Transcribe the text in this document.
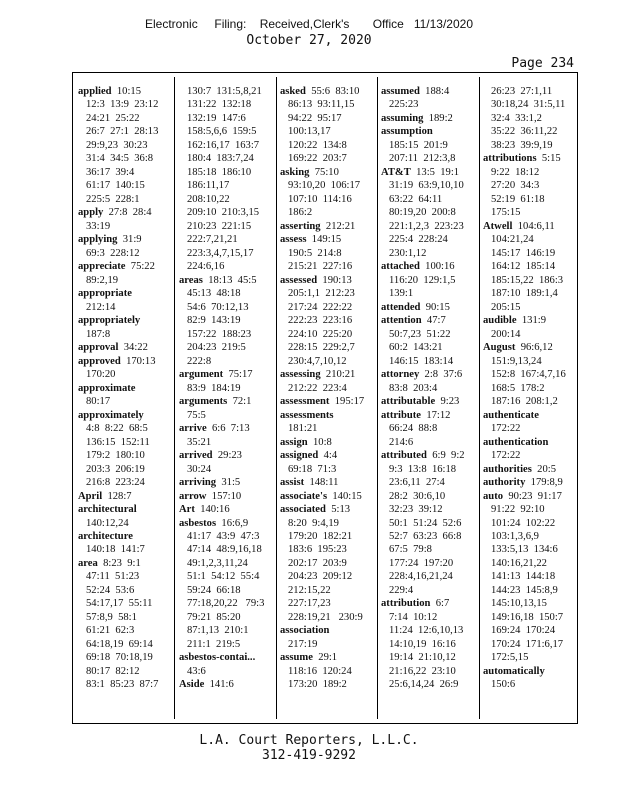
Electronic     Filing:    Received,Clerk's       Office   11/13/2020
October 27, 2020
Page 234
applied 10:15
12:3  13:9  23:12
24:21  25:22
26:7  27:1  28:13
29:9,23  30:23
31:4  34:5  36:8
36:17  39:4
61:17  140:15
225:5  228:1
apply 27:8  28:4
33:19
applying 31:9
69:3  228:12
appreciate 75:22
89:2,19
appropriate
212:14
appropriately
187:8
approval 34:22
approved 170:13
170:20
approximate
80:17
approximately
4:8  8:22  68:5
136:15  152:11
179:2  180:10
203:3  206:19
216:8  223:24
April 128:7
architectural
140:12,24
architecture
140:18  141:7
area 8:23  9:1
47:11  51:23
52:24  53:6
54:17,17  55:11
57:8,9  58:1
61:21  62:3
64:18,19  69:14
69:18  70:18,19
80:17  82:12
83:1  85:23  87:7
130:7  131:5,8,21
131:22  132:18
132:19  147:6
158:5,6,6  159:5
162:16,17  163:7
180:4  183:7,24
185:18  186:10
186:11,17
208:10,22
209:10  210:3,15
210:23  221:15
222:7,21,21
223:3,4,7,15,17
224:6,16
areas 18:13  45:5
45:13  48:18
54:6  70:12,13
82:9  143:19
157:22  188:23
204:23  219:5
222:8
argument 75:17
83:9  184:19
arguments 72:1
75:5
arrive 6:6  7:13
35:21
arrived 29:23
30:24
arriving 31:5
arrow 157:10
Art 140:16
asbestos 16:6,9
41:17  43:9  47:3
47:14  48:9,16,18
49:1,2,3,11,24
51:1  54:12  55:4
59:24  66:18
77:18,20,22   79:3
79:21  85:20
87:1,13  210:1
211:1  219:5
asbestos-contai...
43:6
Aside 141:6
asked 55:6  83:10
86:13  93:11,15
94:22  95:17
100:13,17
120:22  134:8
169:22  203:7
asking 75:10
93:10,20  106:17
107:10  114:16
186:2
asserting 212:21
assess 149:15
190:5  214:8
215:21  227:16
assessed 190:13
205:1,1  212:23
217:24  222:22
222:23  223:16
224:10  225:20
228:15  229:2,7
230:4,7,10,12
assessing 210:21
212:22  223:4
assessment 195:17
assessments
181:21
assign 10:8
assigned 4:4
69:18  71:3
assist 148:11
associate's 140:15
associated 5:13
8:20  9:4,19
179:20  182:21
183:6  195:23
202:17  203:9
204:23  209:12
212:15,22
227:17,23
228:19,21   230:9
association
217:19
assume 29:1
118:16  120:24
173:20  189:2
assumed 188:4
225:23
assuming 189:2
assumption
185:15  201:9
207:11  212:3,8
AT&T 13:5  19:1
31:19  63:9,10,10
63:22  64:11
80:19,20  200:8
221:1,2,3  223:23
225:4  228:24
230:1,12
attached 100:16
116:20  129:1,5
139:1
attended 90:15
attention 47:7
50:7,23  51:22
60:2  143:21
146:15  183:14
attorney 2:8  37:6
83:8  203:4
attributable 9:23
attribute 17:12
66:24  88:8
214:6
attributed 6:9  9:2
9:3  13:8  16:18
23:6,11  27:4
28:2  30:6,10
32:23  39:12
50:1  51:24  52:6
52:7  63:23  66:8
67:5  79:8
177:24  197:20
228:4,16,21,24
229:4
attribution 6:7
7:14  10:12
11:24  12:6,10,13
14:10,19  16:16
19:14  21:10,12
21:16,22  23:10
25:6,14,24  26:9
26:23  27:1,11
30:18,24  31:5,11
32:4  33:1,2
35:22  36:11,22
38:23  39:9,19
attributions 5:15
9:22  18:12
27:20  34:3
52:19  61:18
175:15
Atwell 104:6,11
104:21,24
145:17  146:19
164:12  185:14
185:15,22  186:3
187:10  189:1,4
205:15
audible 131:9
200:14
August 96:6,12
151:9,13,24
152:8  167:4,7,16
168:5  178:2
187:16  208:1,2
authenticate
172:22
authentication
172:22
authorities 20:5
authority 179:8,9
auto 90:23  91:17
91:22  92:10
101:24  102:22
103:1,3,6,9
133:5,13  134:6
140:16,21,22
141:13  144:18
144:23  145:8,9
145:10,13,15
149:16,18  150:7
169:24  170:24
170:24  171:6,17
172:5,15
automatically
150:6
L.A. Court Reporters, L.L.C.
312-419-9292
